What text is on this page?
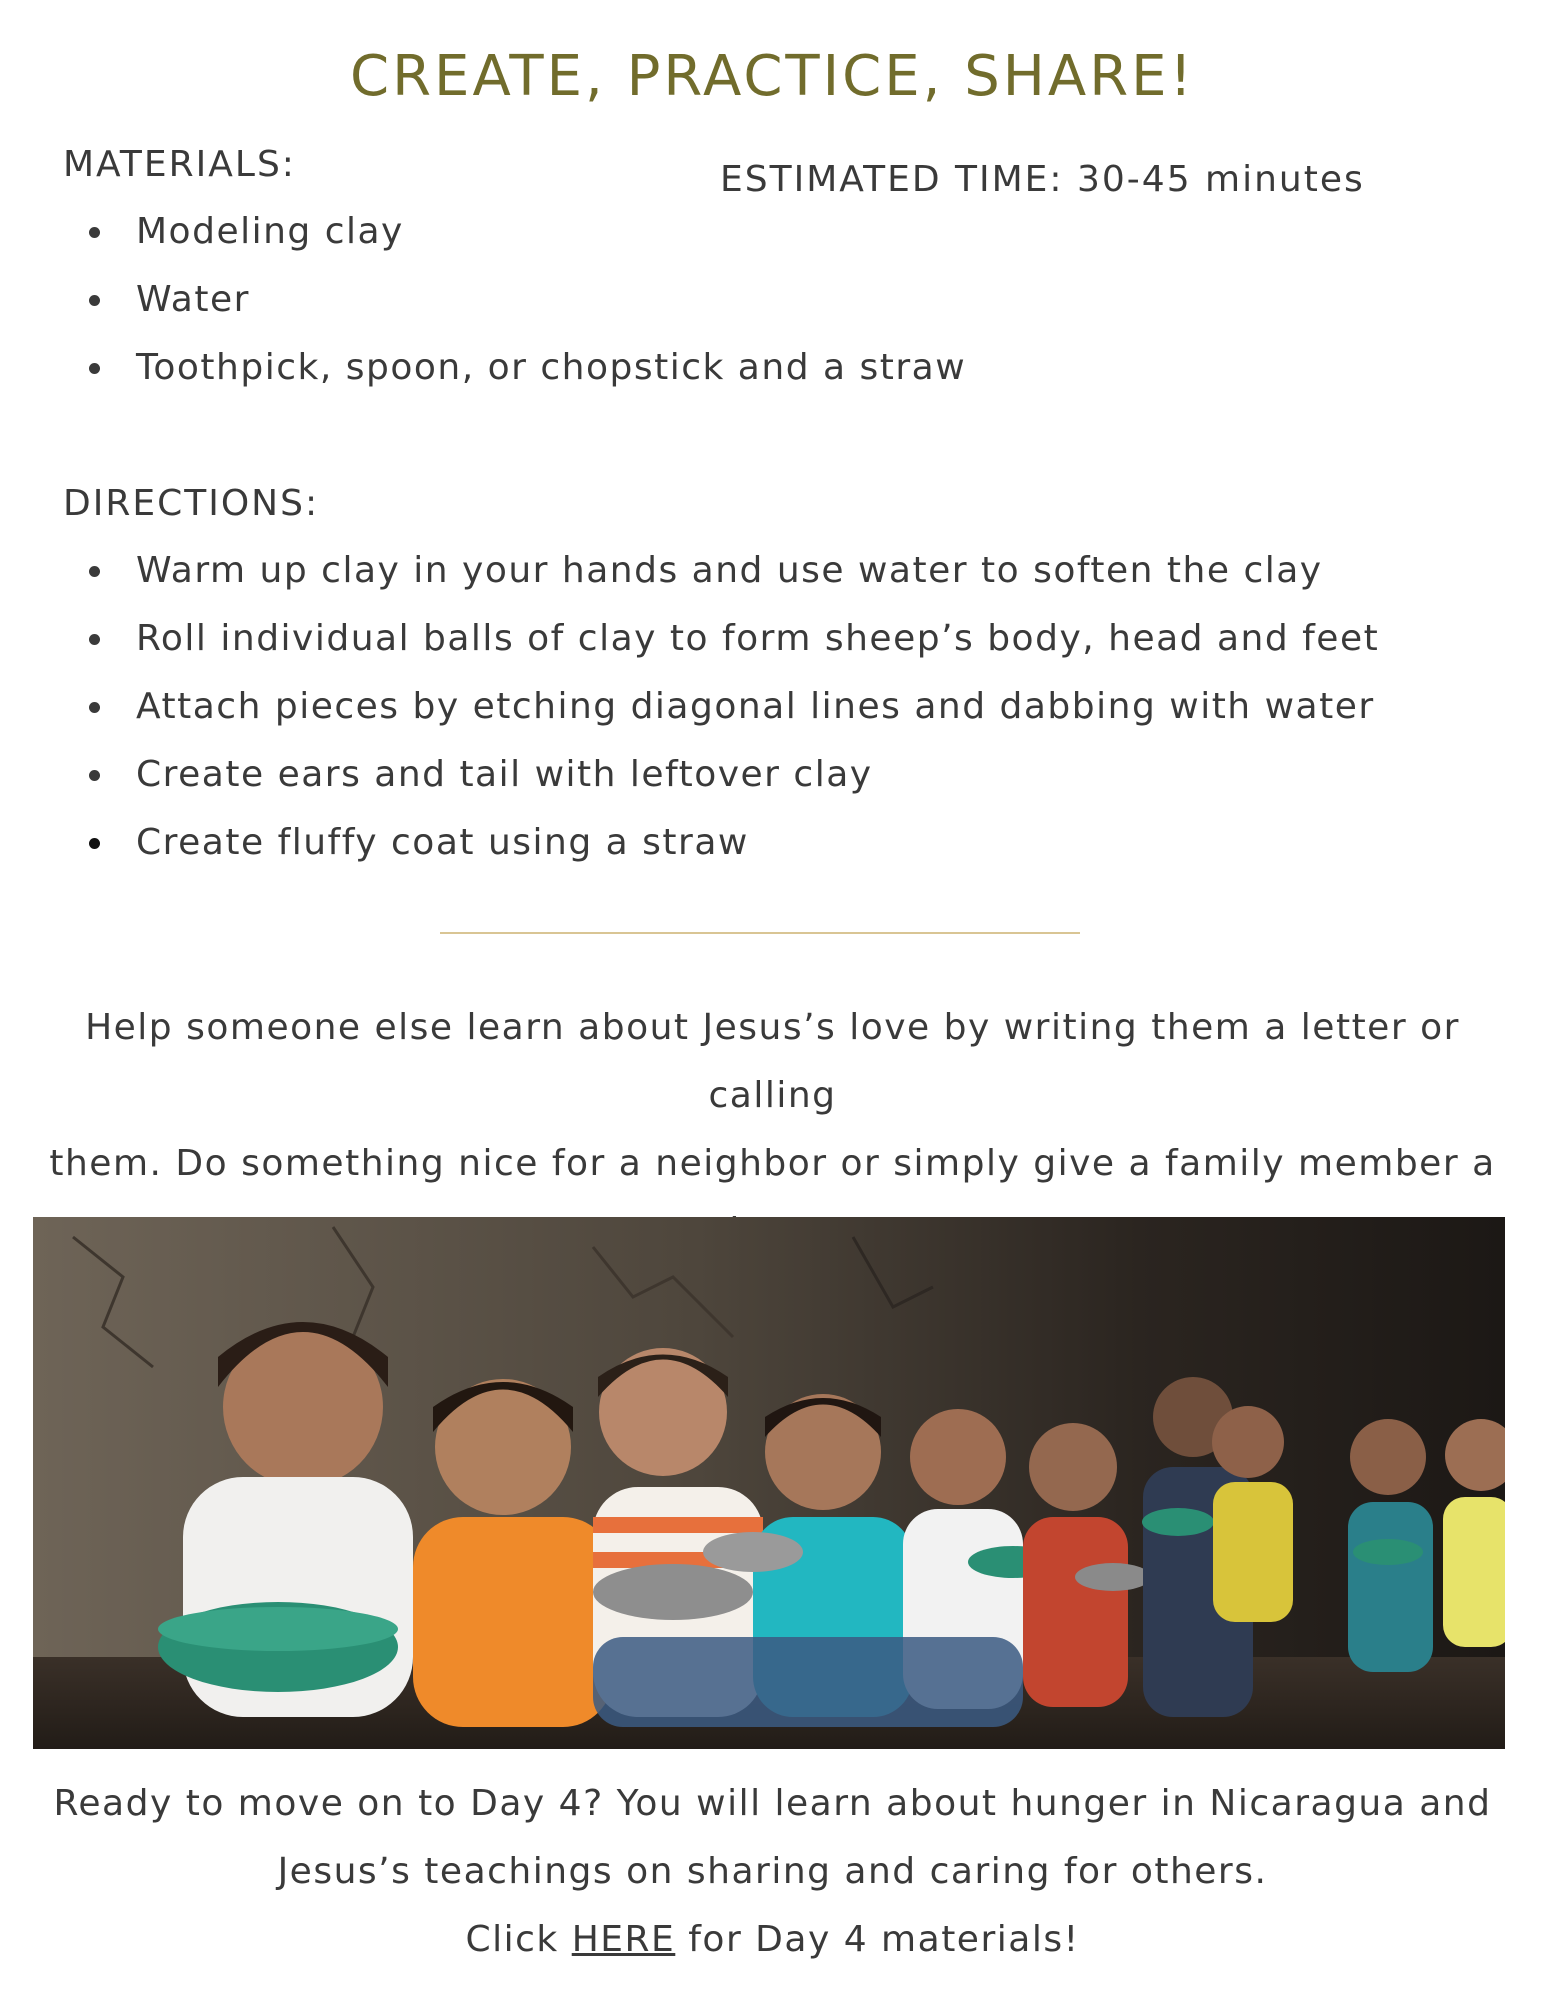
CREATE, PRACTICE, SHARE!
MATERIALS:	ESTIMATED TIME: 30-45 minutes
Modeling clay
Water
Toothpick, spoon, or chopstick and a straw
DIRECTIONS:
Warm up clay in your hands and use water to soften the clay
Roll individual balls of clay to form sheep’s body, head and feet
Attach pieces by etching diagonal lines and dabbing with water
Create ears and tail with leftover clay
Create fluffy coat using a straw
Help someone else learn about Jesus’s love by writing them a letter or calling
them. Do something nice for a neighbor or simply give a family member a
Ready to move on to Day 4? You will learn about hunger in Nicaragua and
Jesus’s teachings on sharing and caring for others.
Click HERE for Day 4 materials!
